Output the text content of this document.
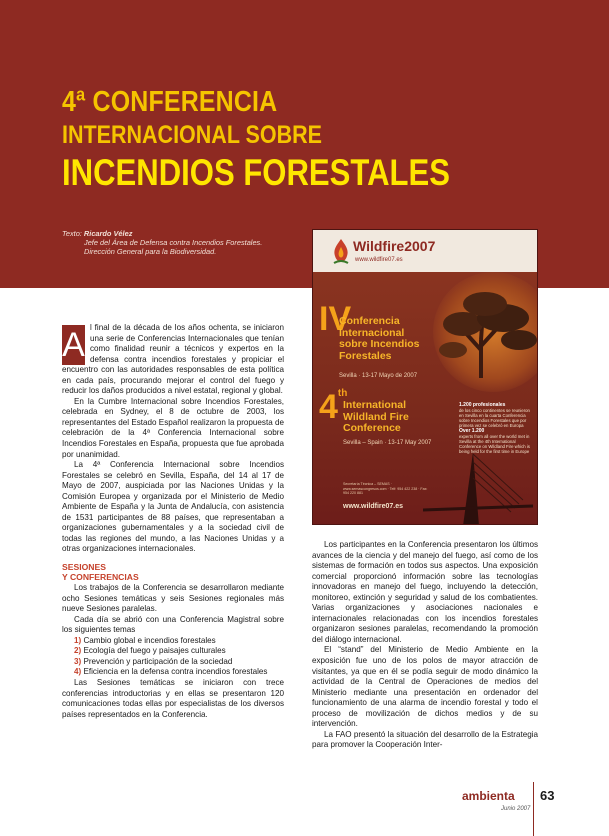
4ª CONFERENCIA
INTERNACIONAL SOBRE
INCENDIOS FORESTALES
Texto: Ricardo Vélez
Jefe del Área de Defensa contra Incendios Forestales.
Dirección General para la Biodiversidad.	Wildfire2007
www.wildfire07.es
IV
Conferencia
Internacional
sobre Incendios
Forestales
Sevilla · 13-17 Mayo de 2007
4th
International
Wildland Fire
Conference
Sevilla – Spain · 13-17 May 2007
1.200 profesionales
de los cinco continentes se reunieron en Sevilla en la cuarta Conferencia sobre Incendios Forestales que por primera vez se celebró en Europa
Over 1.200
experts from all over the world met in Sevilla at the 4th International Conference on Wildland Fire which is being held for the first time in Europe
Secretaría Técnica – SEMAS · www.semascongresos.com · Telf: 954 422 238 · Fax: 954 220 881
www.wildfire07.es

A l final de la década de los años ochenta, se iniciaron una serie de Conferencias Internacionales que tenían como finalidad reunir a técnicos y expertos en la defensa contra incendios forestales y propiciar el encuentro con las autoridades responsables de esta política en cada país, procurando mejorar el control del fuego y reducir los daños producidos a nivel estatal, regional y global.

En la Cumbre Internacional sobre Incendios Forestales, celebrada en Sydney, el 8 de octubre de 2003, los representantes del Estado Español realizaron la propuesta de celebración de la 4ª Conferencia Internacional sobre Incendios Forestales en España, propuesta que fue aprobada por unanimidad.

La 4ª Conferencia Internacional sobre Incendios Forestales se celebró en Sevilla, España, del 14 al 17 de Mayo de 2007, auspiciada por las Naciones Unidas y la Comisión Europea y organizada por el Ministerio de Medio Ambiente de España y la Junta de Andalucía, con asistencia de 1531 participantes de 88 países, que representaban a organizaciones gubernamentales y a la sociedad civil de todas las regiones del mundo, a las Naciones Unidas y a otras organizaciones internacionales.

SESIONES
Y CONFERENCIAS

Los trabajos de la Conferencia se desarrollaron mediante ocho Sesiones temáticas y seis Sesiones regionales más nueve Sesiones paralelas.

Cada día se abrió con una Conferencia Magistral sobre los siguientes temas

1) Cambio global e incendios forestales
2) Ecología del fuego y paisajes culturales
3) Prevención y participación de la sociedad
4) Eficiencia en la defensa contra incendios forestales

Las Sesiones temáticas se iniciaron con trece conferencias introductorias y en ellas se presentaron 120 comunicaciones todas ellas por especialistas de los diversos países representados en la Conferencia.

Los participantes en la Conferencia presentaron los últimos avances de la ciencia y del manejo del fuego, así como de los sistemas de formación en todos sus aspectos. Una exposición comercial proporcionó información sobre las tecnologías innovadoras en manejo del fuego, incluyendo la detección, monitoreo, extinción y seguridad y salud de los combatientes. Varias organizaciones y asociaciones nacionales e internacionales relacionadas con los incendios forestales organizaron sesiones paralelas, recomendando la promoción del diálogo internacional.

El “stand” del Ministerio de Medio Ambiente en la exposición fue uno de los polos de mayor atracción de visitantes, ya que en él se podía seguir de modo dinámico la actividad de la Central de Operaciones de medios del Ministerio mediante una presentación en ordenador del funcionamiento de una alarma de incendio forestal y todo el proceso de movilización de dichos medios y de su intervención.

La FAO presentó la situación del desarrollo de la Estrategia para promover la Cooperación Inter-

ambienta
Junio 2007
63
